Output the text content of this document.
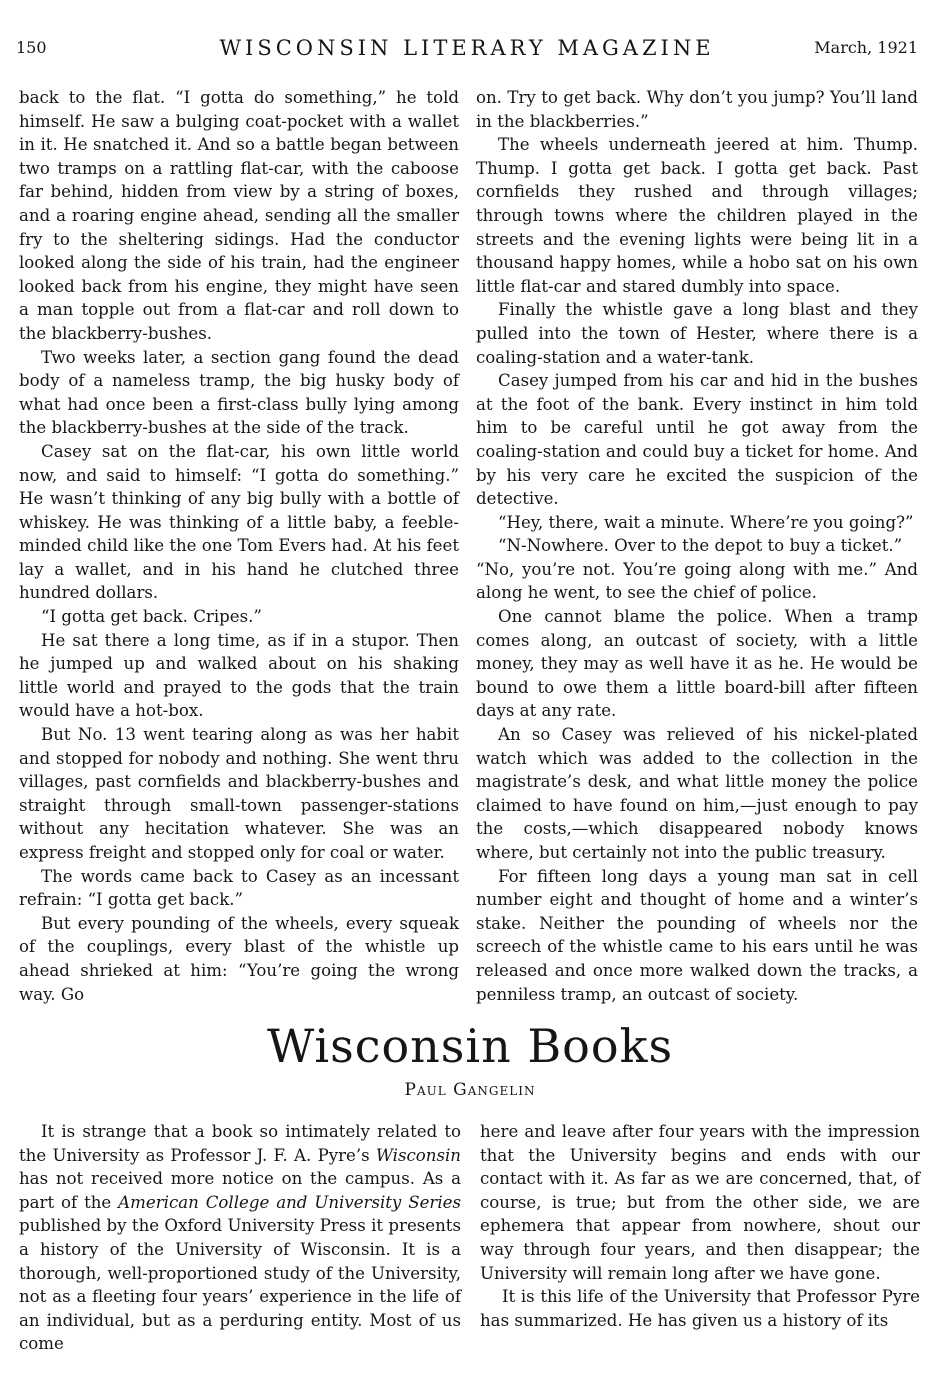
150	WISCONSIN LITERARY MAGAZINE	March, 1921

back to the flat. “I gotta do something,” he told himself. He saw a bulging coat-pocket with a wallet in it. He snatched it. And so a battle began between two tramps on a rattling flat-car, with the caboose far behind, hidden from view by a string of boxes, and a roaring engine ahead, sending all the smaller fry to the sheltering sidings. Had the conductor looked along the side of his train, had the engineer looked back from his engine, they might have seen a man topple out from a flat-car and roll down to the blackberry-bushes.

Two weeks later, a section gang found the dead body of a nameless tramp, the big husky body of what had once been a first-class bully lying among the blackberry-bushes at the side of the track.

Casey sat on the flat-car, his own little world now, and said to himself: “I gotta do something.” He wasn’t thinking of any big bully with a bottle of whiskey. He was thinking of a little baby, a feeble-minded child like the one Tom Evers had. At his feet lay a wallet, and in his hand he clutched three hundred dollars.

“I gotta get back. Cripes.”

He sat there a long time, as if in a stupor. Then he jumped up and walked about on his shaking little world and prayed to the gods that the train would have a hot-box.

But No. 13 went tearing along as was her habit and stopped for nobody and nothing. She went thru villages, past cornfields and blackberry-bushes and straight through small-town passenger-stations without any hecitation whatever. She was an express freight and stopped only for coal or water.

The words came back to Casey as an incessant refrain: “I gotta get back.”

But every pounding of the wheels, every squeak of the couplings, every blast of the whistle up ahead shrieked at him: “You’re going the wrong way. Go

on. Try to get back. Why don’t you jump? You’ll land in the blackberries.”

The wheels underneath jeered at him. Thump. Thump. I gotta get back. I gotta get back. Past cornfields they rushed and through villages; through towns where the children played in the streets and the evening lights were being lit in a thousand happy homes, while a hobo sat on his own little flat-car and stared dumbly into space.

Finally the whistle gave a long blast and they pulled into the town of Hester, where there is a coaling-station and a water-tank.

Casey jumped from his car and hid in the bushes at the foot of the bank. Every instinct in him told him to be careful until he got away from the coaling-station and could buy a ticket for home. And by his very care he excited the suspicion of the detective.

“Hey, there, wait a minute. Where’re you going?”

“N-Nowhere. Over to the depot to buy a ticket.”

“No, you’re not. You’re going along with me.” And along he went, to see the chief of police.

One cannot blame the police. When a tramp comes along, an outcast of society, with a little money, they may as well have it as he. He would be bound to owe them a little board-bill after fifteen days at any rate.

An so Casey was relieved of his nickel-plated watch which was added to the collection in the magistrate’s desk, and what little money the police claimed to have found on him,—just enough to pay the costs,—which disappeared nobody knows where, but certainly not into the public treasury.

For fifteen long days a young man sat in cell number eight and thought of home and a winter’s stake. Neither the pounding of wheels nor the screech of the whistle came to his ears until he was released and once more walked down the tracks, a penniless tramp, an outcast of society.

Wisconsin Books
Paul Gangelin

It is strange that a book so intimately related to the University as Professor J. F. A. Pyre’s Wisconsin has not received more notice on the campus. As a part of the American College and University Series published by the Oxford University Press it presents a history of the University of Wisconsin. It is a thorough, well-proportioned study of the University, not as a fleeting four years’ experience in the life of an individual, but as a perduring entity. Most of us come

here and leave after four years with the impression that the University begins and ends with our contact with it. As far as we are concerned, that, of course, is true; but from the other side, we are ephemera that appear from nowhere, shout our way through four years, and then disappear; the University will remain long after we have gone.

It is this life of the University that Professor Pyre has summarized. He has given us a history of its
